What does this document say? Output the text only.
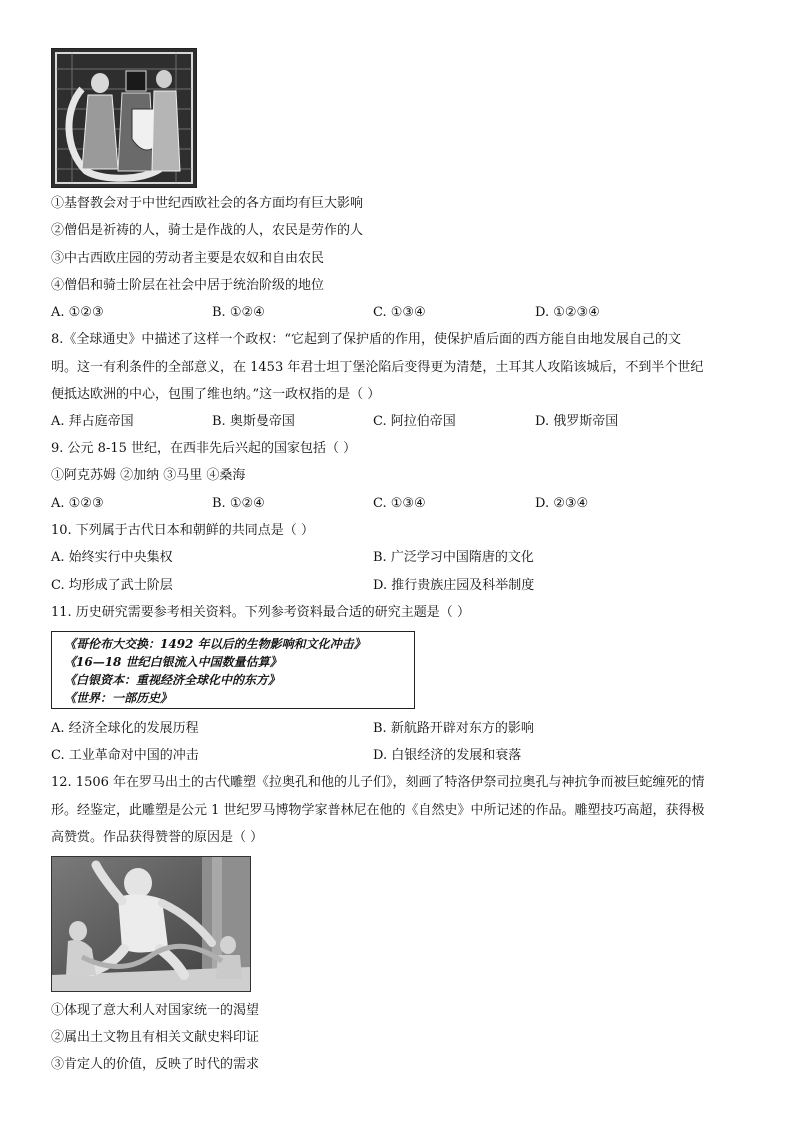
①基督教会对于中世纪西欧社会的各方面均有巨大影响
②僧侣是祈祷的人，骑士是作战的人，农民是劳作的人
③中古西欧庄园的劳动者主要是农奴和自由农民
④僧侣和骑士阶层在社会中居于统治阶级的地位
A. ①②③	B. ①②④	C. ①③④	D. ①②③④
8.《全球通史》中描述了这样一个政权：“它起到了保护盾的作用，使保护盾后面的西方能自由地发展自己的文
明。这一有利条件的全部意义，在 1453 年君士坦丁堡沦陷后变得更为清楚，土耳其人攻陷该城后，不到半个世纪
便抵达欧洲的中心，包围了维也纳。”这一政权指的是（ ）
A. 拜占庭帝国	B. 奥斯曼帝国	C. 阿拉伯帝国	D. 俄罗斯帝国
9. 公元 8-15 世纪，在西非先后兴起的国家包括（ ）
①阿克苏姆 ②加纳 ③马里 ④桑海
A. ①②③	B. ①②④	C. ①③④	D. ②③④
10. 下列属于古代日本和朝鲜的共同点是（ ）
A. 始终实行中央集权	B. 广泛学习中国隋唐的文化
C. 均形成了武士阶层	D. 推行贵族庄园及科举制度
11. 历史研究需要参考相关资料。下列参考资料最合适的研究主题是（ ）
《哥伦布大交换：1492 年以后的生物影响和文化冲击》
《16—18 世纪白银流入中国数量估算》
《白银资本：重视经济全球化中的东方》
《世界：一部历史》
A. 经济全球化的发展历程	B. 新航路开辟对东方的影响
C. 工业革命对中国的冲击	D. 白银经济的发展和衰落
12. 1506 年在罗马出土的古代雕塑《拉奥孔和他的儿子们》，刻画了特洛伊祭司拉奥孔与神抗争而被巨蛇缠死的情
形。经鉴定，此雕塑是公元 1 世纪罗马博物学家普林尼在他的《自然史》中所记述的作品。雕塑技巧高超，获得极
高赞赏。作品获得赞誉的原因是（ ）
①体现了意大利人对国家统一的渴望
②属出土文物且有相关文献史料印证
③肯定人的价值，反映了时代的需求
